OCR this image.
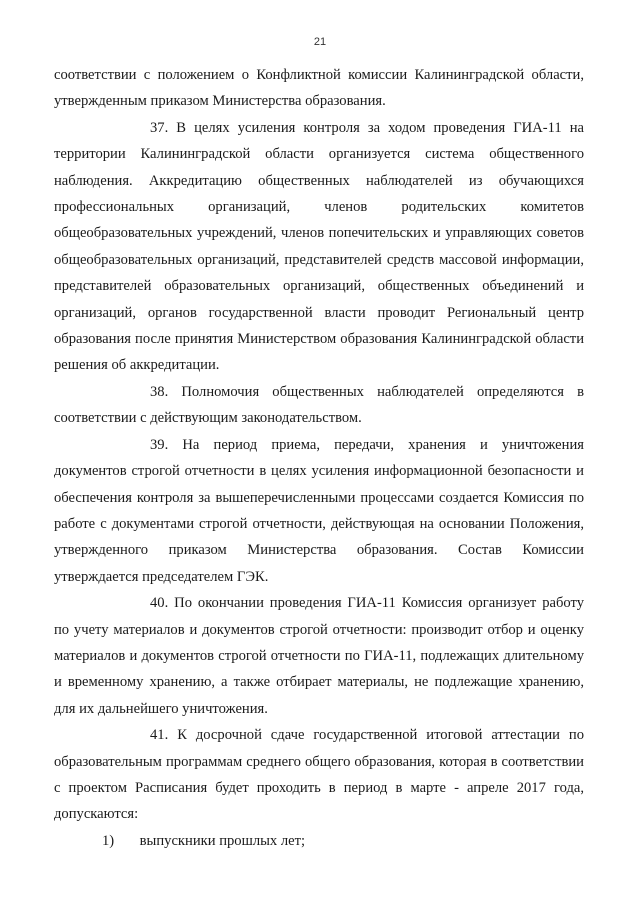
21

соответствии с положением о Конфликтной комиссии Калининградской области, утвержденным приказом Министерства образования.

37. В целях усиления контроля за ходом проведения ГИА-11 на территории Калининградской области организуется система общественного наблюдения. Аккредитацию общественных наблюдателей из обучающихся профессиональных организаций, членов родительских комитетов общеобразовательных учреждений, членов попечительских и управляющих советов общеобразовательных организаций, представителей средств массовой информации, представителей образовательных организаций, общественных объединений и организаций, органов государственной власти проводит Региональный центр образования после принятия Министерством образования Калининградской области решения об аккредитации.

38. Полномочия общественных наблюдателей определяются в соответствии с действующим законодательством.

39. На период приема, передачи, хранения и уничтожения документов строгой отчетности в целях усиления информационной безопасности и обеспечения контроля за вышеперечисленными процессами создается Комиссия по работе с документами строгой отчетности, действующая на основании Положения, утвержденного приказом Министерства образования. Состав Комиссии утверждается председателем ГЭК.

40. По окончании проведения ГИА-11 Комиссия организует работу по учету материалов и документов строгой отчетности: производит отбор и оценку материалов и документов строгой отчетности по ГИА-11, подлежащих длительному и временному хранению, а также отбирает материалы, не подлежащие хранению, для их дальнейшего уничтожения.

41. К досрочной сдаче государственной итоговой аттестации по образовательным программам среднего общего образования, которая в соответствии с проектом Расписания будет проходить в период в марте - апреле 2017 года, допускаются:

1) выпускники прошлых лет;
